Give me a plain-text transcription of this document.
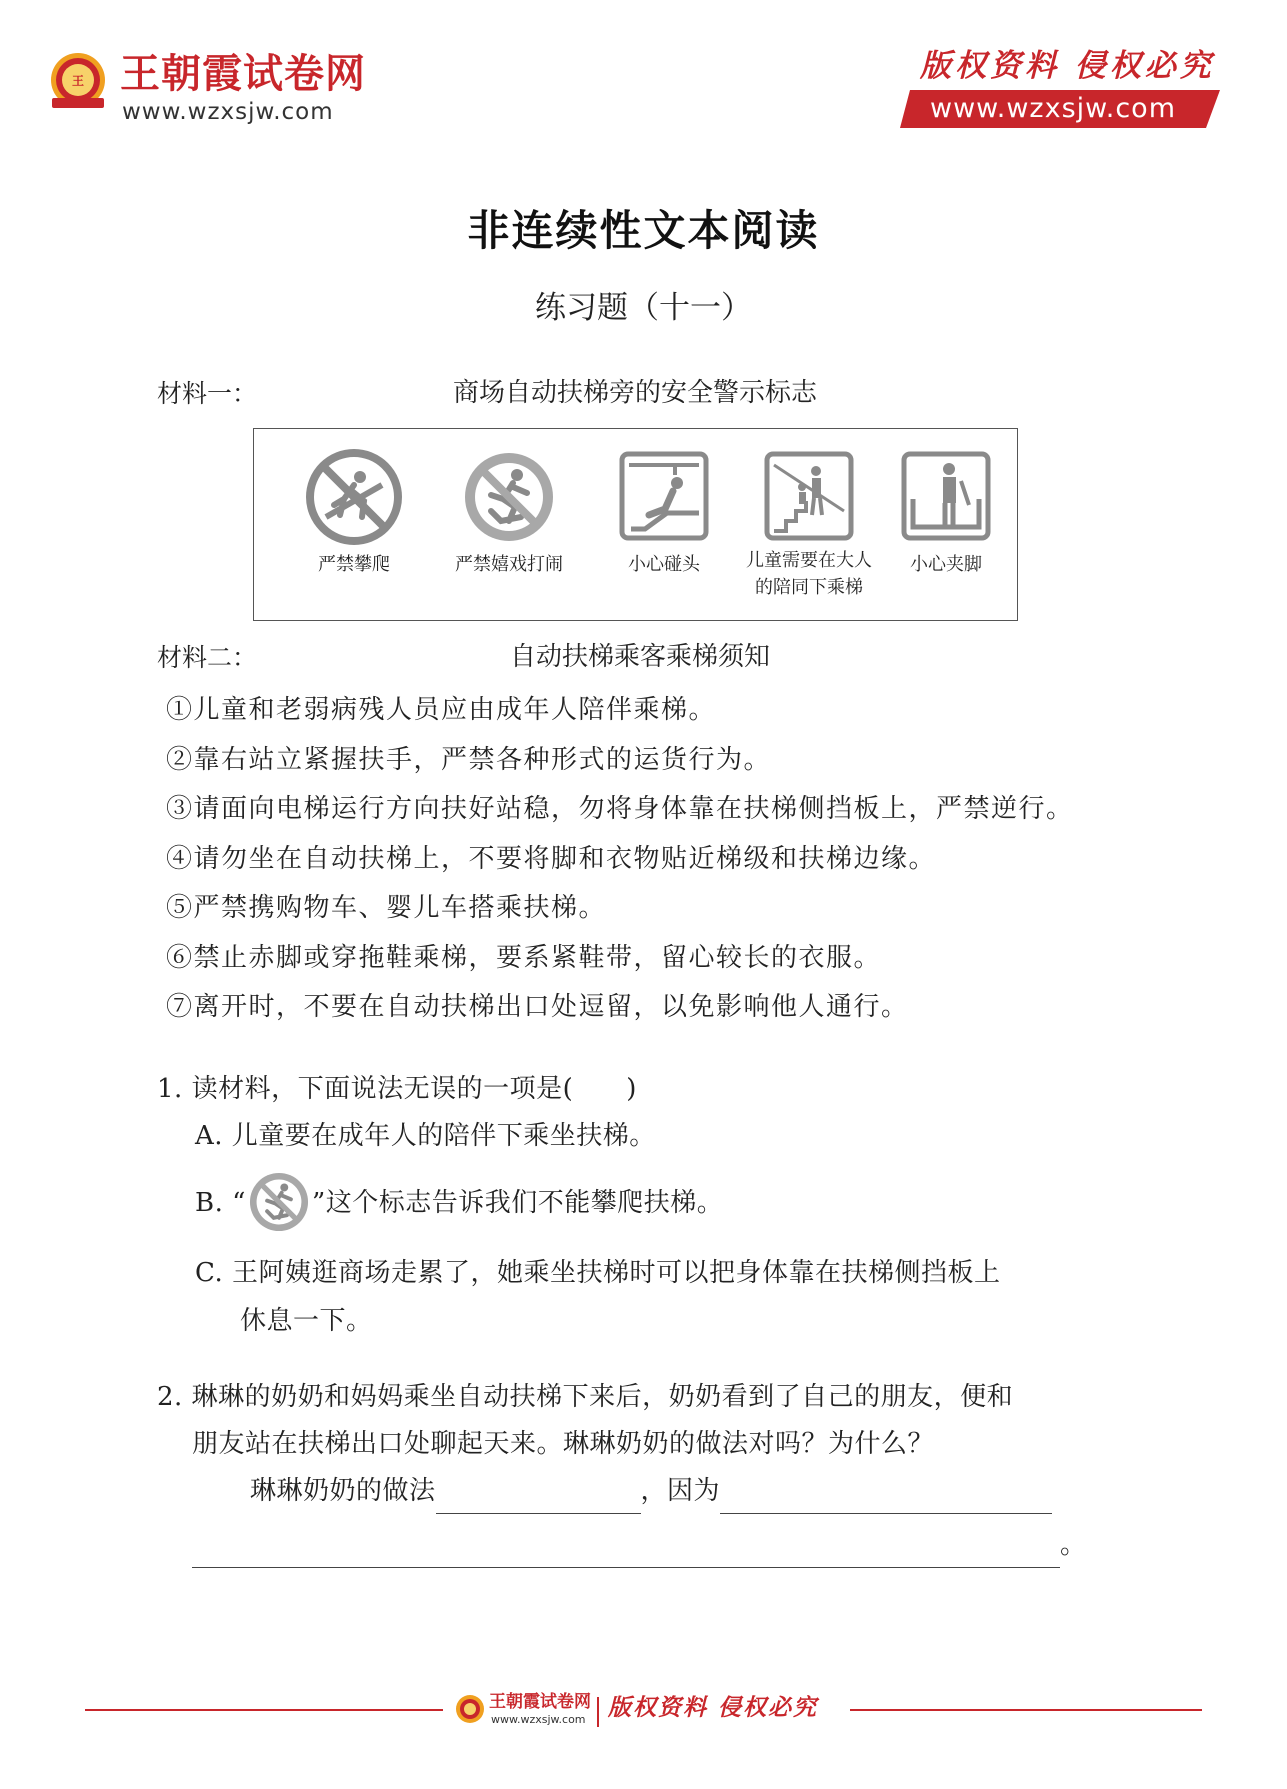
王 王朝霞试卷网
www.wzxsjw.com
版权资料 侵权必究
www.wzxsjw.com
非连续性文本阅读
练习题（十一）
材料一：	商场自动扶梯旁的安全警示标志
严禁攀爬	严禁嬉戏打闹	小心碰头	儿童需要在大人
的陪同下乘梯
小心夹脚
材料二：	自动扶梯乘客乘梯须知
①儿童和老弱病残人员应由成年人陪伴乘梯。
②靠右站立紧握扶手，严禁各种形式的运货行为。
③请面向电梯运行方向扶好站稳，勿将身体靠在扶梯侧挡板上，严禁逆行。
④请勿坐在自动扶梯上，不要将脚和衣物贴近梯级和扶梯边缘。
⑤严禁携购物车、婴儿车搭乘扶梯。
⑥禁止赤脚或穿拖鞋乘梯，要系紧鞋带，留心较长的衣服。
⑦离开时，不要在自动扶梯出口处逗留，以免影响他人通行。
1. 读材料，下面说法无误的一项是(　　)
A. 儿童要在成年人的陪伴下乘坐扶梯。
B. “	”这个标志告诉我们不能攀爬扶梯。
C. 王阿姨逛商场走累了，她乘坐扶梯时可以把身体靠在扶梯侧挡板上
休息一下。
2. 琳琳的奶奶和妈妈乘坐自动扶梯下来后，奶奶看到了自己的朋友，便和
朋友站在扶梯出口处聊起天来。琳琳奶奶的做法对吗？为什么？
琳琳奶奶的做法	，因为
。
王朝霞试卷网
www.wzxsjw.com 版权资料 侵权必究
